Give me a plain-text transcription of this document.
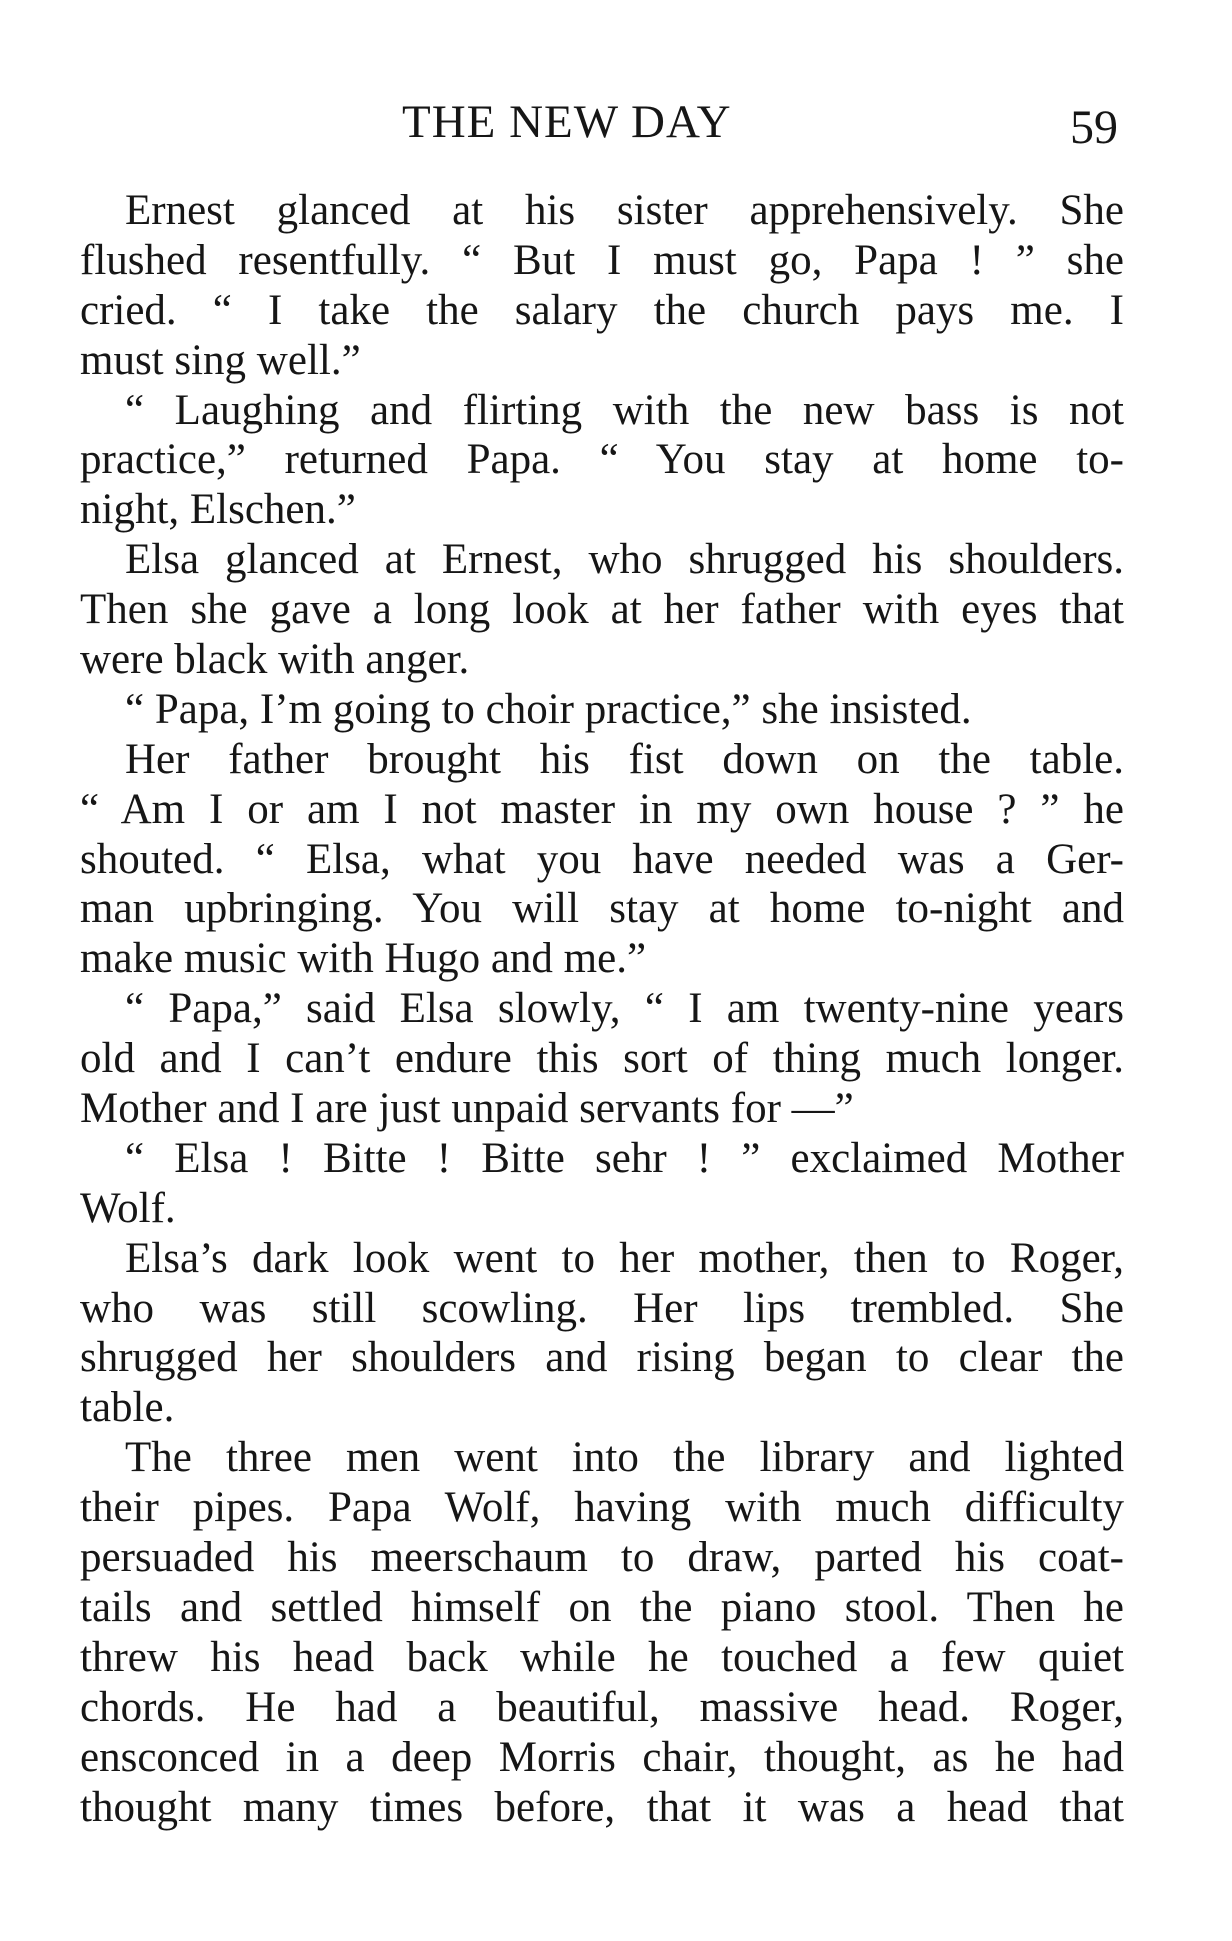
THE NEW DAY	59
Ernest glanced at his sister apprehensively. She
flushed resentfully. “ But I must go, Papa ! ” she
cried. “ I take the salary the church pays me. I
must sing well.”
“ Laughing and flirting with the new bass is not
practice,” returned Papa. “ You stay at home to-
night, Elschen.”
Elsa glanced at Ernest, who shrugged his shoulders.
Then she gave a long look at her father with eyes that
were black with anger.
“ Papa, I’m going to choir practice,” she insisted.
Her father brought his fist down on the table.
“ Am I or am I not master in my own house ? ” he
shouted. “ Elsa, what you have needed was a Ger-
man upbringing. You will stay at home to-night and
make music with Hugo and me.”
“ Papa,” said Elsa slowly, “ I am twenty-nine years
old and I can’t endure this sort of thing much longer.
Mother and I are just unpaid servants for —”
“ Elsa ! Bitte ! Bitte sehr ! ” exclaimed Mother
Wolf.
Elsa’s dark look went to her mother, then to Roger,
who was still scowling. Her lips trembled. She
shrugged her shoulders and rising began to clear the
table.
The three men went into the library and lighted
their pipes. Papa Wolf, having with much difficulty
persuaded his meerschaum to draw, parted his coat-
tails and settled himself on the piano stool. Then he
threw his head back while he touched a few quiet
chords. He had a beautiful, massive head. Roger,
ensconced in a deep Morris chair, thought, as he had
thought many times before, that it was a head that
